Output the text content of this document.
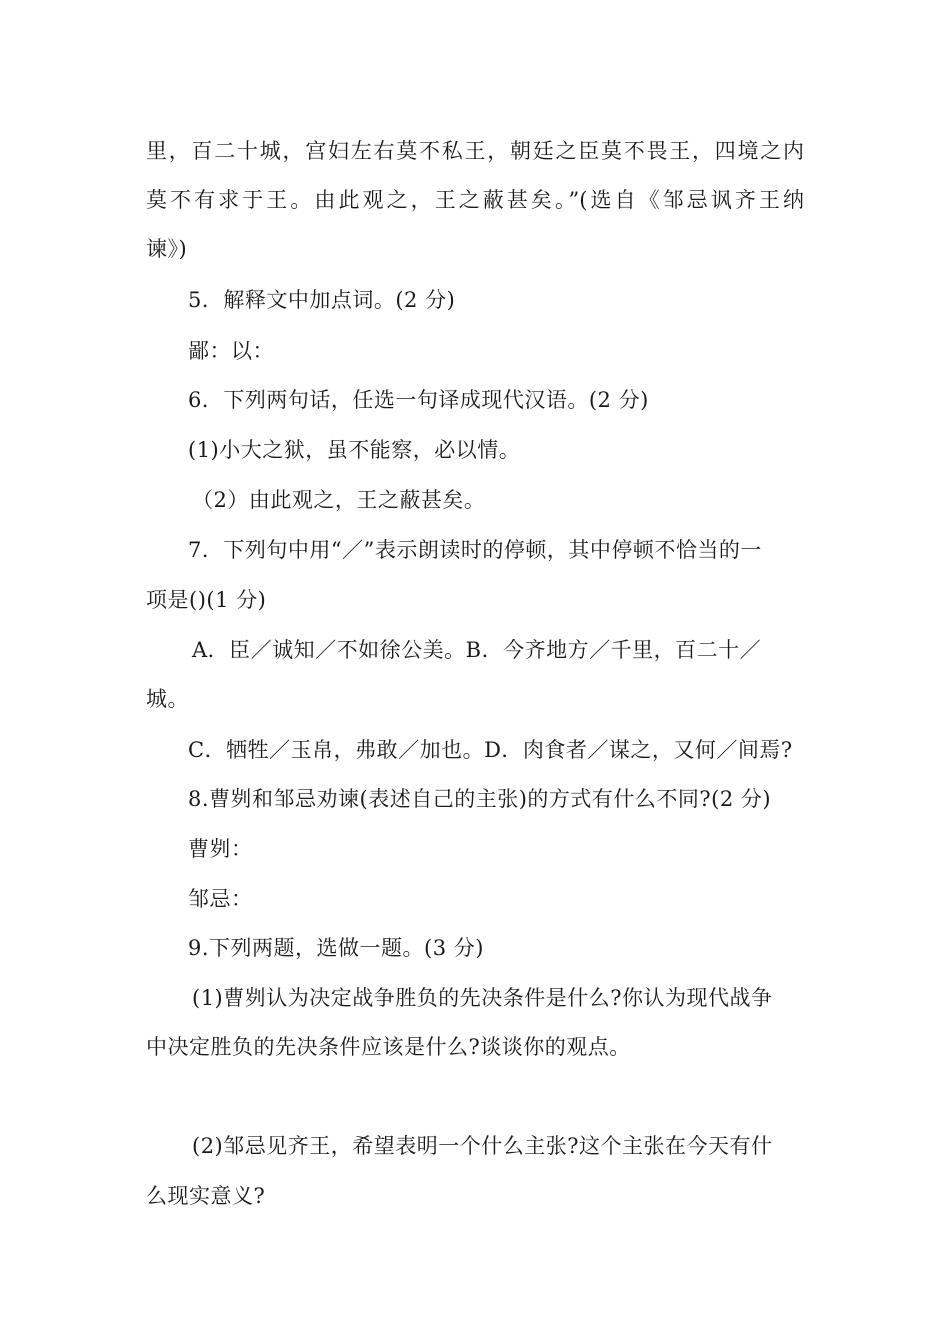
里，百二十城，宫妇左右莫不私王，朝廷之臣莫不畏王，四境之内
莫不有求于王。由此观之，王之蔽甚矣。”(选自《邹忌讽齐王纳
谏》)
5．解释文中加点词。(2 分)
鄙：以：
6．下列两句话，任选一句译成现代汉语。(2 分)
(1)小大之狱，虽不能察，必以情。
（2）由此观之，王之蔽甚矣。
7．下列句中用“／”表示朗读时的停顿，其中停顿不恰当的一
项是()(1 分)
A．臣／诚知／不如徐公美。B．今齐地方／千里，百二十／
城。
C．牺牲／玉帛，弗敢／加也。D．肉食者／谋之，又何／间焉?
8.曹刿和邹忌劝谏(表述自己的主张)的方式有什么不同?(2 分)
曹刿：
邹忌：
9.下列两题，选做一题。(3 分)
(1)曹刿认为决定战争胜负的先决条件是什么?你认为现代战争
中决定胜负的先决条件应该是什么?谈谈你的观点。
(2)邹忌见齐王，希望表明一个什么主张?这个主张在今天有什
么现实意义?
